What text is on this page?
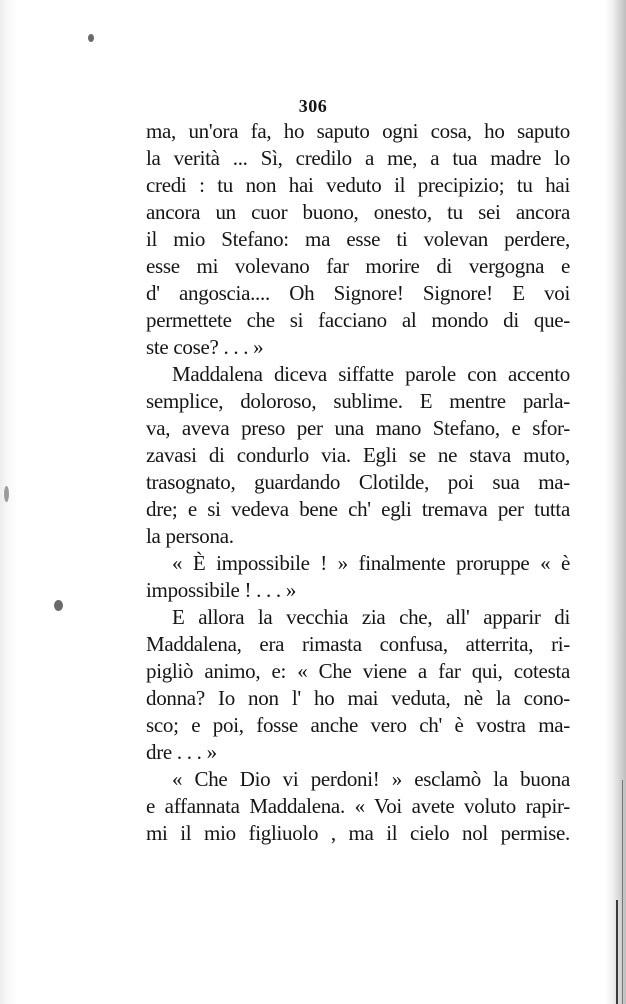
306
ma, un'ora fa, ho saputo ogni cosa, ho saputo
la verità ... Sì, credilo a me, a tua madre lo
credi : tu non hai veduto il precipizio; tu hai
ancora un cuor buono, onesto, tu sei ancora
il mio Stefano: ma esse ti volevan perdere,
esse mi volevano far morire di vergogna e
d' angoscia.... Oh Signore! Signore! E voi
permettete che si facciano al mondo di que-
ste cose? . . . »
Maddalena diceva siffatte parole con accento
semplice, doloroso, sublime. E mentre parla-
va, aveva preso per una mano Stefano, e sfor-
zavasi di condurlo via. Egli se ne stava muto,
trasognato, guardando Clotilde, poi sua ma-
dre; e si vedeva bene ch' egli tremava per tutta
la persona.
« È impossibile ! » finalmente proruppe « è
impossibile ! . . . »
E allora la vecchia zia che, all' apparir di
Maddalena, era rimasta confusa, atterrita, ri-
pigliò animo, e: « Che viene a far qui, cotesta
donna? Io non l' ho mai veduta, nè la cono-
sco; e poi, fosse anche vero ch' è vostra ma-
dre . . . »
« Che Dio vi perdoni! » esclamò la buona
e affannata Maddalena. « Voi avete voluto rapir-
mi il mio figliuolo , ma il cielo nol permise.
